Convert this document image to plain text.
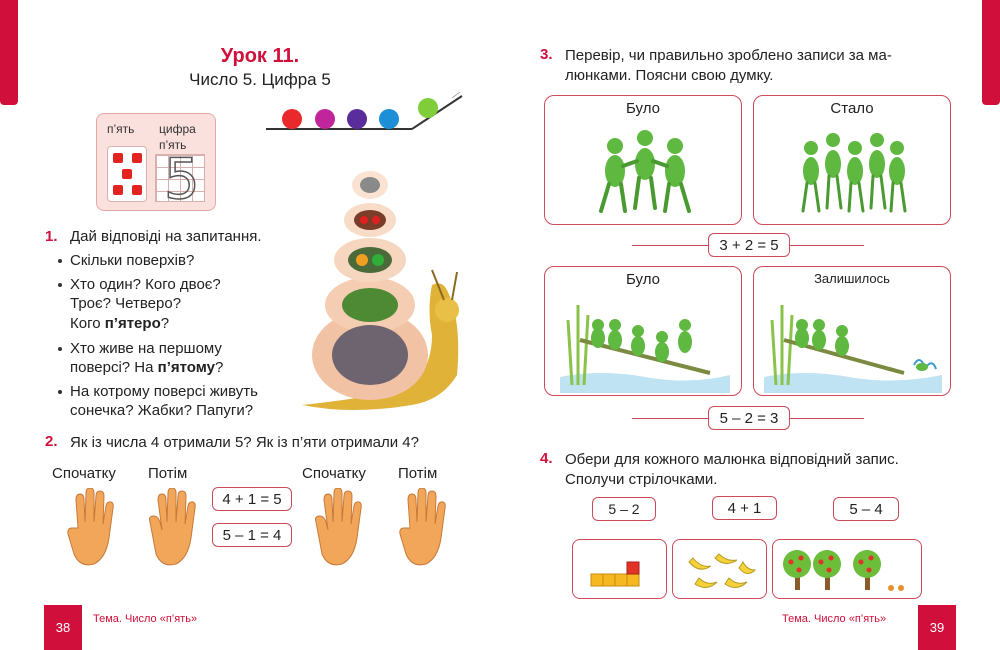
Урок 11.
Число 5. Цифра 5
п’ять цифра
п’ять
5
1. Дай відповіді на запитання.
Скільки поверхів?
Хто один? Кого двоє?
Троє? Четверо?
Кого п’ятеро?
Хто живе на першому
поверсі? На п’ятому?
На котрому поверсі живуть
сонечка? Жабки? Папуги?
2. Як із числа 4 отримали 5? Як із п’яти отримали 4?
Спочатку Потім	Спочатку Потім
4 + 1 = 5
5 – 1 = 4
38
Тема. Число «п’ять»
3. Перевір, чи правильно зроблено записи за ма-
люнками. Поясни свою думку.
Було	Стало
3 + 2 = 5
Було	Залишилось
5 – 2 = 3
4. Обери для кожного малюнка відповідний запис.
Сполучи стрілочками.
5 – 2	4 + 1	5 – 4
Тема. Число «п’ять»
39
